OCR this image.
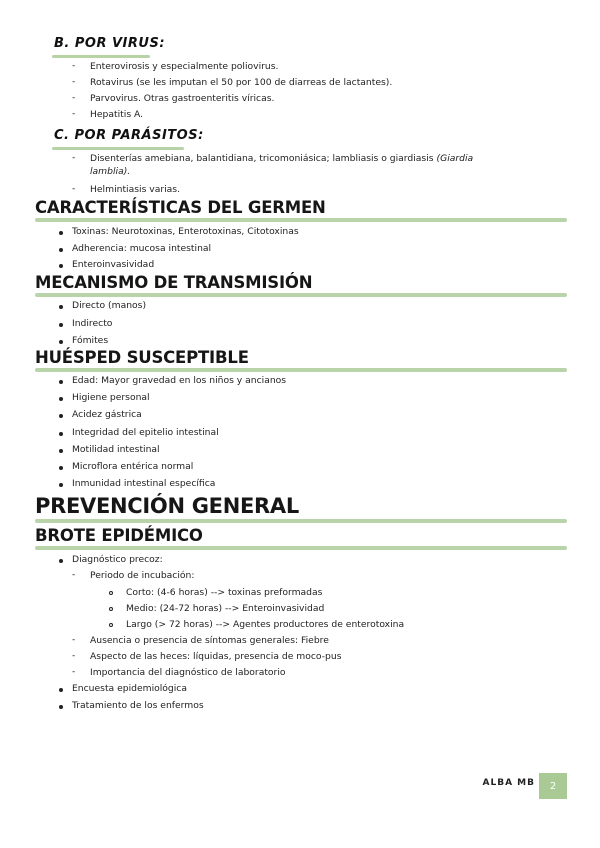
B. POR VIRUS:
- Enterovirosis y especialmente poliovirus.
- Rotavirus (se les imputan el 50 por 100 de diarreas de lactantes).
- Parvovirus. Otras gastroenteritis víricas.
- Hepatitis A.
C. POR PARÁSITOS:
- Disenterías amebiana, balantidiana, tricomoniásica; lambliasis o giardiasis (Giardia
lamblia).
- Helmintiasis varias.
CARACTERÍSTICAS DEL GERMEN
Toxinas: Neurotoxinas, Enterotoxinas, Citotoxinas
Adherencia: mucosa intestinal
Enteroinvasividad
MECANISMO DE TRANSMISIÓN
Directo (manos)
Indirecto
Fómites
HUÉSPED SUSCEPTIBLE
Edad: Mayor gravedad en los niños y ancianos
Higiene personal
Acidez gástrica
Integridad del epitelio intestinal
Motilidad intestinal
Microflora entérica normal
Inmunidad intestinal específica
PREVENCIÓN GENERAL
BROTE EPIDÉMICO
Diagnóstico precoz:
- Periodo de incubación:
Corto: (4-6 horas) --> toxinas preformadas
Medio: (24-72 horas) --> Enteroinvasividad
Largo (> 72 horas) --> Agentes productores de enterotoxina
- Ausencia o presencia de síntomas generales: Fiebre
- Aspecto de las heces: líquidas, presencia de moco-pus
- Importancia del diagnóstico de laboratorio
Encuesta epidemiológica
Tratamiento de los enfermos
ALBA MB	2
